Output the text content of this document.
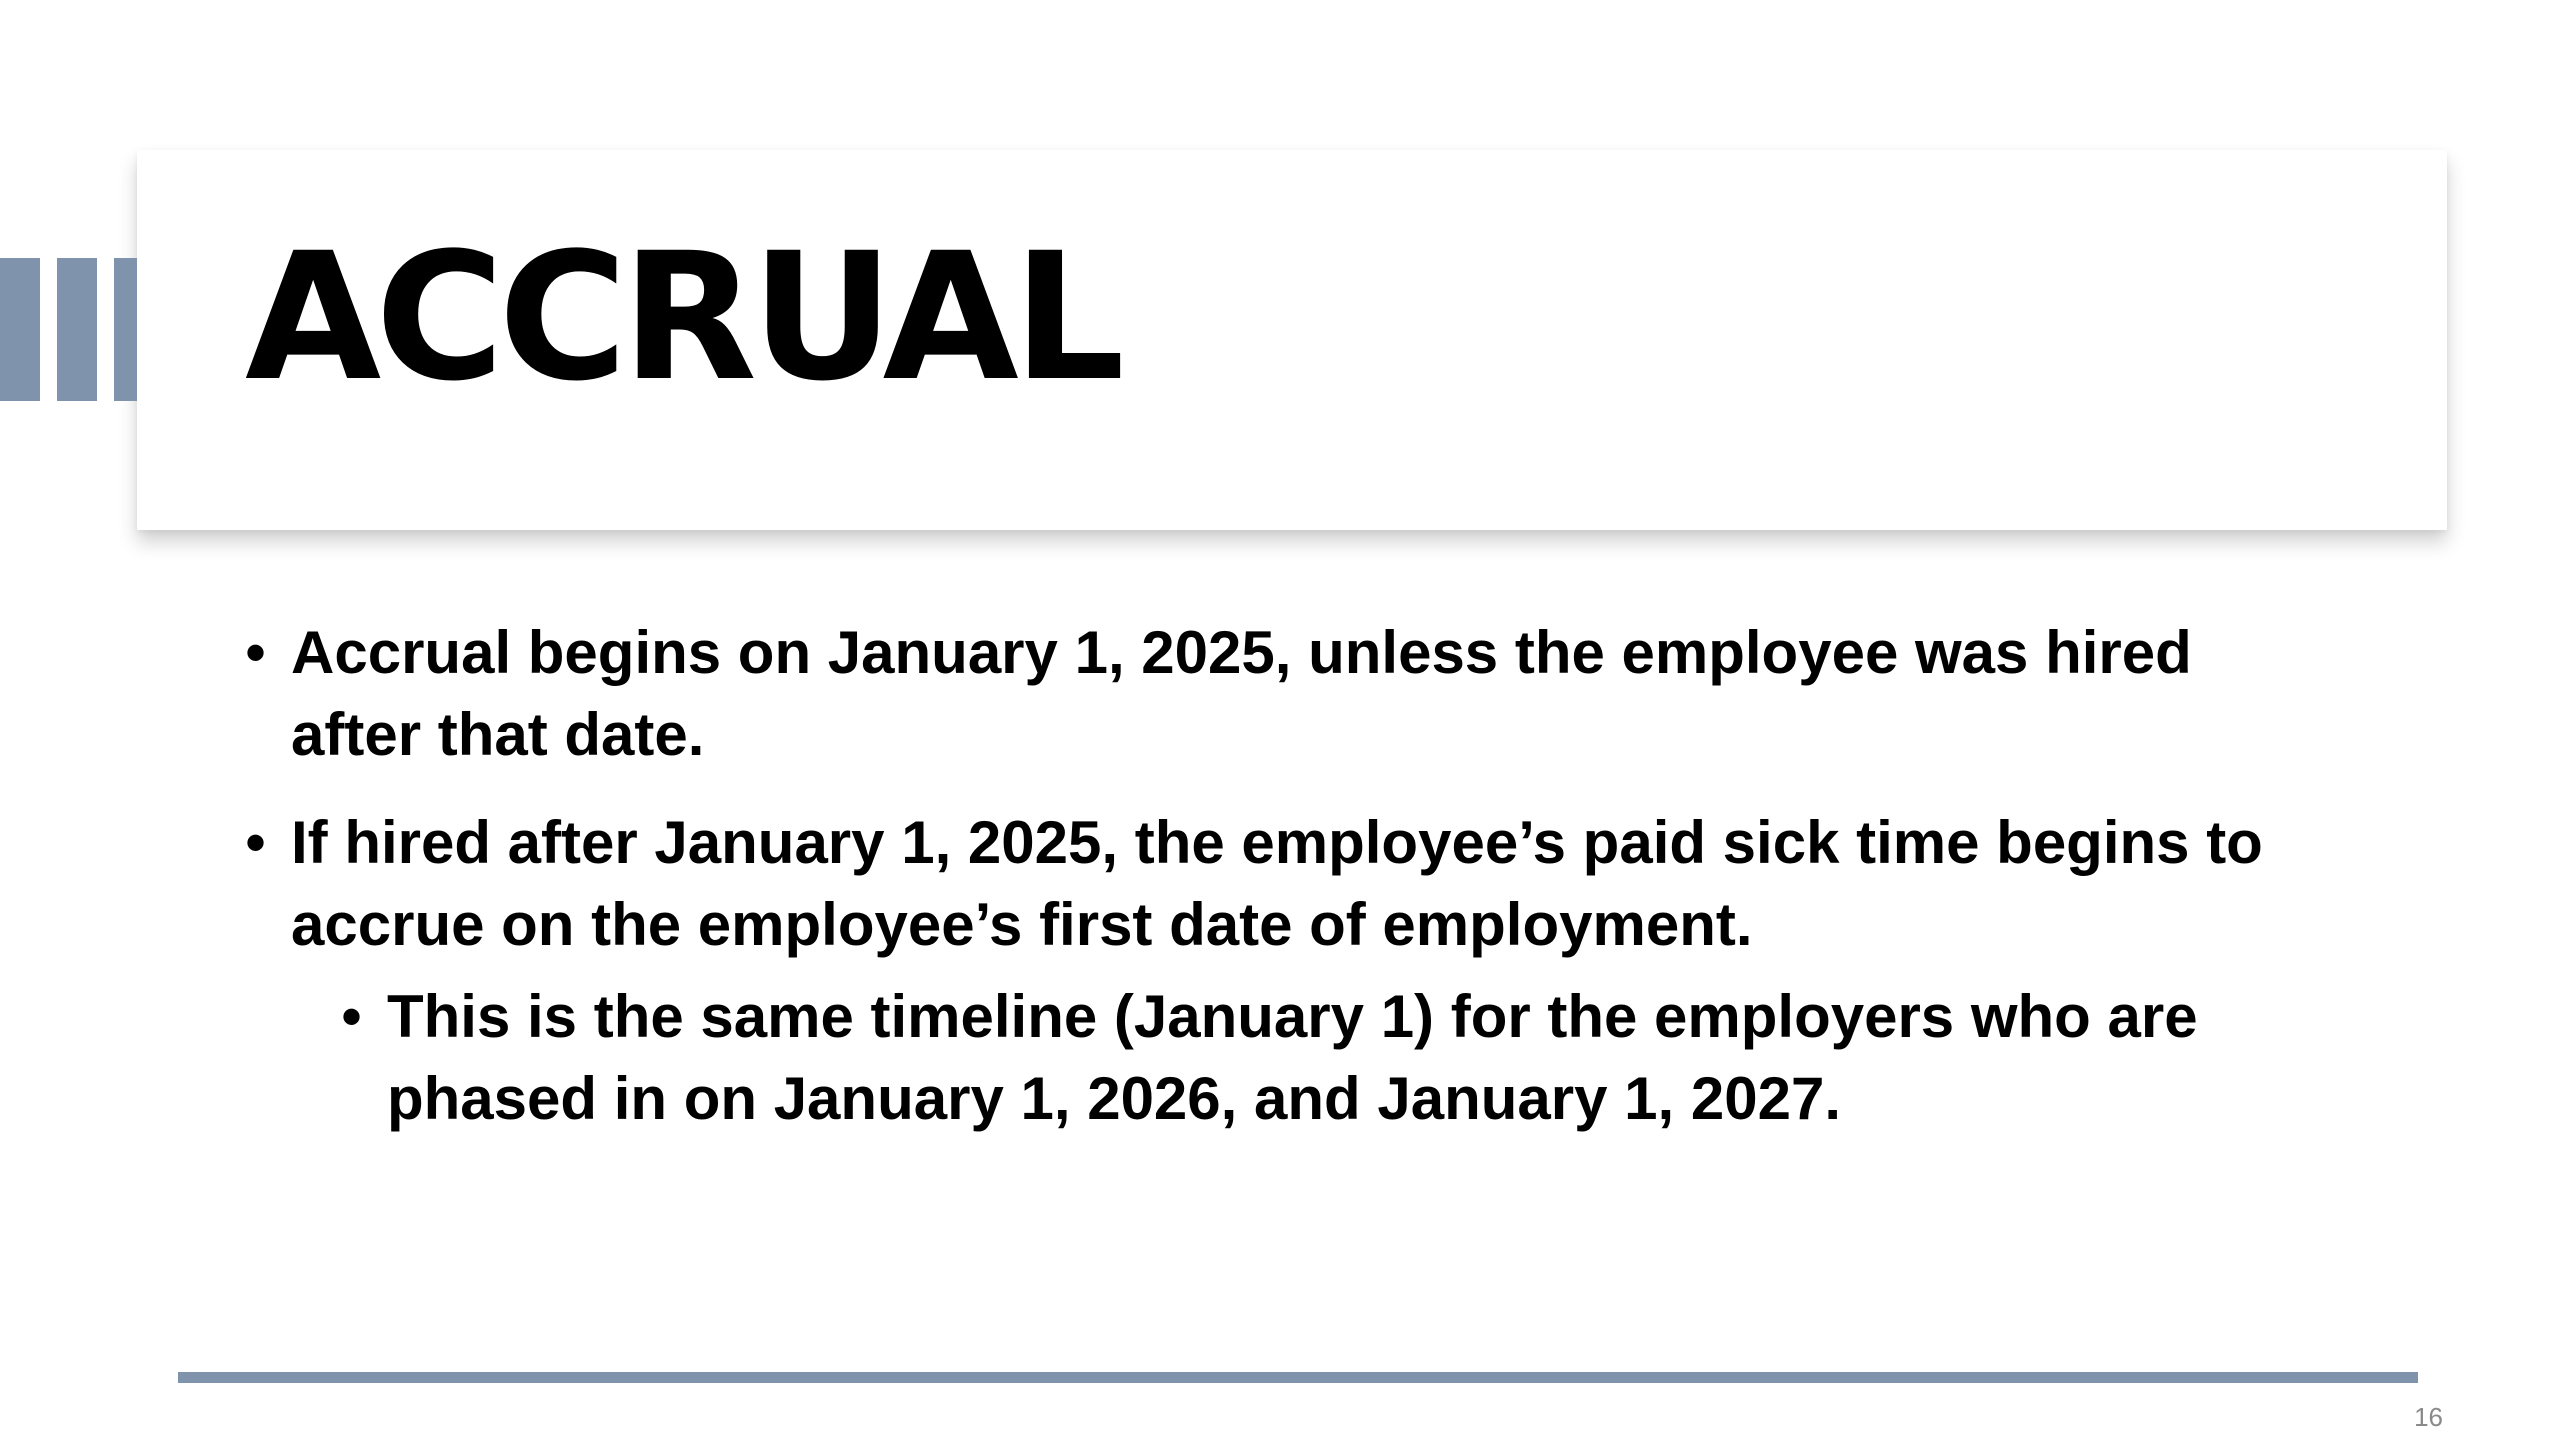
ACCRUAL
• Accrual begins on January 1, 2025, unless the employee was hired after that date.
• If hired after January 1, 2025, the employee’s paid sick time begins to accrue on the employee’s first date of employment.
• This is the same timeline (January 1) for the employers who are phased in on January 1, 2026, and January 1, 2027.
16
